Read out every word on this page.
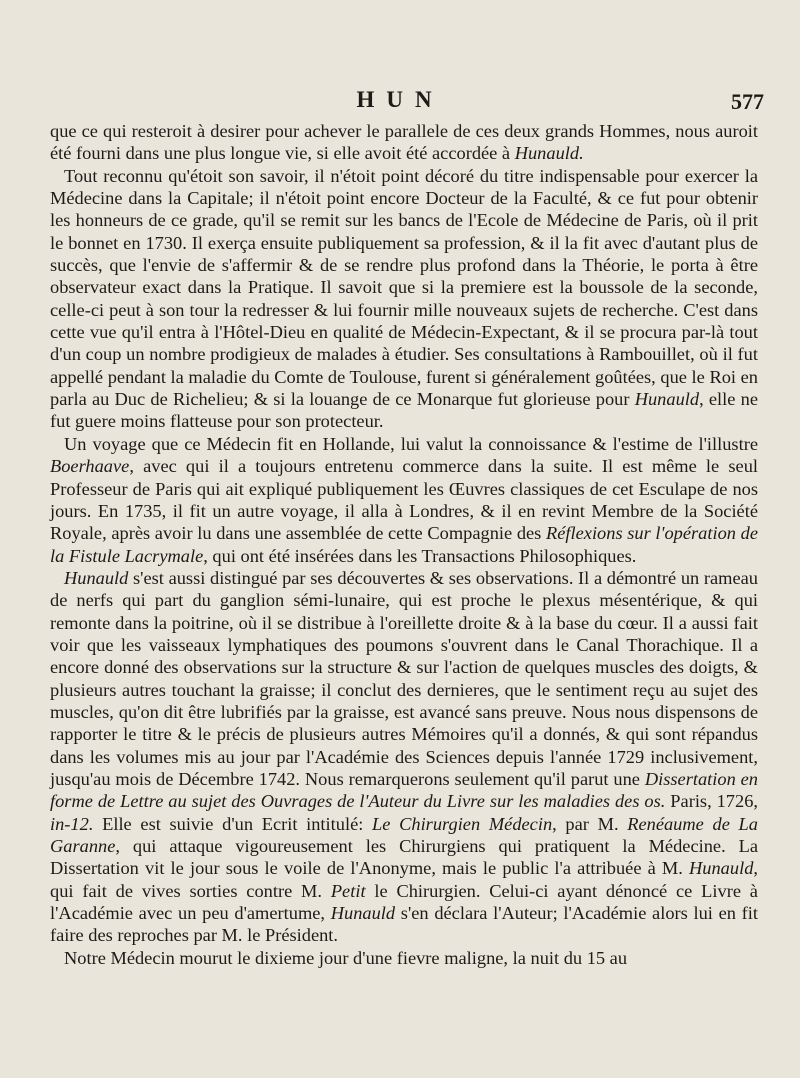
HUN	577

que ce qui resteroit à desirer pour achever le parallele de ces deux grands Hommes, nous auroit été fourni dans une plus longue vie, si elle avoit été accordée à Hunauld.

Tout reconnu qu'étoit son savoir, il n'étoit point décoré du titre indispensable pour exercer la Médecine dans la Capitale; il n'étoit point encore Docteur de la Faculté, & ce fut pour obtenir les honneurs de ce grade, qu'il se remit sur les bancs de l'Ecole de Médecine de Paris, où il prit le bonnet en 1730. Il exerça ensuite publiquement sa profession, & il la fit avec d'autant plus de succès, que l'envie de s'affermir & de se rendre plus profond dans la Théorie, le porta à être observateur exact dans la Pratique. Il savoit que si la premiere est la boussole de la seconde, celle-ci peut à son tour la redresser & lui fournir mille nouveaux sujets de recherche. C'est dans cette vue qu'il entra à l'Hôtel-Dieu en qualité de Médecin-Expectant, & il se procura par-là tout d'un coup un nombre prodigieux de malades à étudier. Ses consultations à Rambouillet, où il fut appellé pendant la maladie du Comte de Toulouse, furent si généralement goûtées, que le Roi en parla au Duc de Richelieu; & si la louange de ce Monarque fut glorieuse pour Hunauld, elle ne fut guere moins flatteuse pour son protecteur.

Un voyage que ce Médecin fit en Hollande, lui valut la connoissance & l'estime de l'illustre Boerhaave, avec qui il a toujours entretenu commerce dans la suite. Il est même le seul Professeur de Paris qui ait expliqué publiquement les Œuvres classiques de cet Esculape de nos jours. En 1735, il fit un autre voyage, il alla à Londres, & il en revint Membre de la Société Royale, après avoir lu dans une assemblée de cette Compagnie des Réflexions sur l'opération de la Fistule Lacrymale, qui ont été insérées dans les Transactions Philosophiques.

Hunauld s'est aussi distingué par ses découvertes & ses observations. Il a démontré un rameau de nerfs qui part du ganglion sémi-lunaire, qui est proche le plexus mésentérique, & qui remonte dans la poitrine, où il se distribue à l'oreillette droite & à la base du cœur. Il a aussi fait voir que les vaisseaux lymphatiques des poumons s'ouvrent dans le Canal Thorachique. Il a encore donné des observations sur la structure & sur l'action de quelques muscles des doigts, & plusieurs autres touchant la graisse; il conclut des dernieres, que le sentiment reçu au sujet des muscles, qu'on dit être lubrifiés par la graisse, est avancé sans preuve. Nous nous dispensons de rapporter le titre & le précis de plusieurs autres Mémoires qu'il a donnés, & qui sont répandus dans les volumes mis au jour par l'Académie des Sciences depuis l'année 1729 inclusivement, jusqu'au mois de Décembre 1742. Nous remarquerons seulement qu'il parut une Dissertation en forme de Lettre au sujet des Ouvrages de l'Auteur du Livre sur les maladies des os. Paris, 1726, in-12. Elle est suivie d'un Ecrit intitulé: Le Chirurgien Médecin, par M. Renéaume de La Garanne, qui attaque vigoureusement les Chirurgiens qui pratiquent la Médecine. La Dissertation vit le jour sous le voile de l'Anonyme, mais le public l'a attribuée à M. Hunauld, qui fait de vives sorties contre M. Petit le Chirurgien. Celui-ci ayant dénoncé ce Livre à l'Académie avec un peu d'amertume, Hunauld s'en déclara l'Auteur; l'Académie alors lui en fit faire des reproches par M. le Président.

Notre Médecin mourut le dixieme jour d'une fievre maligne, la nuit du 15 au
